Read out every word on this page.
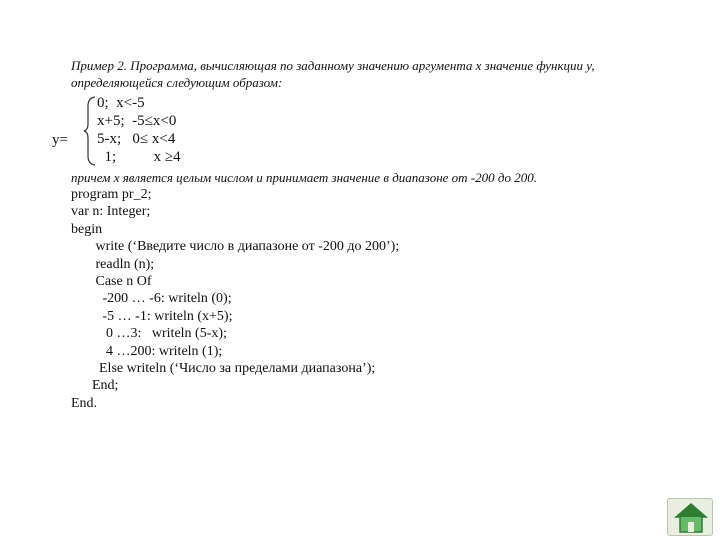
Пример 2. Программа, вычисляющая по заданному значению аргумента x значение функции y,
определяющейся следующим образом:
y=
0;  x<-5
x+5;  -5≤x<0
5-x;   0≤ x<4
1;          x ≥4
причем x является целым числом и принимает значение в диапазоне от -200 до 200.
program pr_2;
var n: Integer;
begin
write (‘Введите число в диапазоне от -200 до 200’);
readln (n);
Case n Of
-200 … -6: writeln (0);
-5 … -1: writeln (x+5);
0 …3:   writeln (5-x);
4 …200: writeln (1);
Else writeln (‘Число за пределами диапазона’);
End;
End.
